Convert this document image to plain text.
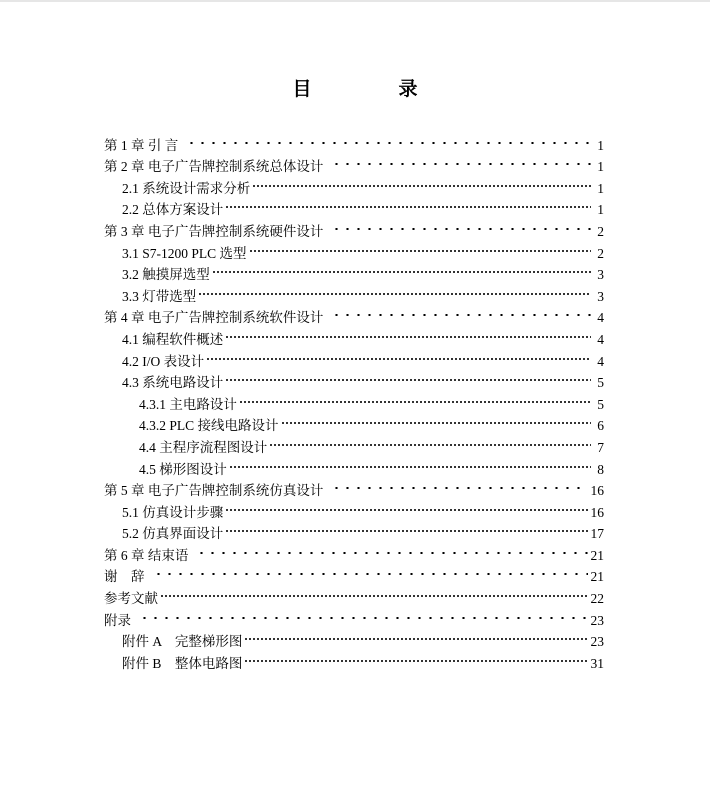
目　录
第 1 章 引 言	1
第 2 章 电子广告牌控制系统总体设计	1
2.1 系统设计需求分析	1
2.2 总体方案设计	1
第 3 章 电子广告牌控制系统硬件设计	2
3.1 S7-1200 PLC 选型	2
3.2 触摸屏选型	3
3.3 灯带选型	3
第 4 章 电子广告牌控制系统软件设计	4
4.1 编程软件概述	4
4.2 I/O 表设计	4
4.3 系统电路设计	5
4.3.1 主电路设计	5
4.3.2 PLC 接线电路设计	6
4.4 主程序流程图设计	7
4.5 梯形图设计	8
第 5 章 电子广告牌控制系统仿真设计	16
5.1 仿真设计步骤	16
5.2 仿真界面设计	17
第 6 章 结束语	21
谢　辞	21
参考文献	22
附录	23
附件 A　完整梯形图	23
附件 B　整体电路图	31
